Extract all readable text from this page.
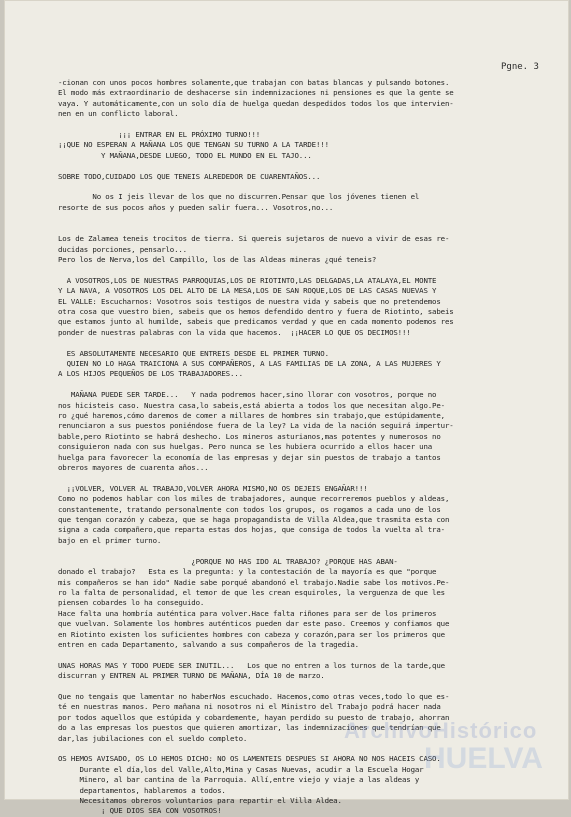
Pgne. 3
-cionan con unos pocos hombres solamente,que trabajan con batas blancas y pulsando botones.
El modo más extraordinario de deshacerse sin indemnizaciones ni pensiones es que la gente se
vaya. Y automáticamente,con un solo día de huelga quedan despedidos todos los que intervien-
nen en un conflicto laboral.

¡¡¡ ENTRAR EN EL PRÓXIMO TURNO!!!
¡¡QUE NO ESPERAN A MAÑANA LOS QUE TENGAN SU TURNO A LA TARDE!!!
Y MAÑANA,DESDE LUEGO, TODO EL MUNDO EN EL TAJO...

SOBRE TODO,CUIDADO LOS QUE TENEIS ALREDEDOR DE CUARENTAÑOS...

No os I jeis llevar de los que no discurren.Pensar que los jóvenes tienen el
resorte de sus pocos años y pueden salir fuera... Vosotros,no...

Los de Zalamea teneis trocitos de tierra. Si quereis sujetaros de nuevo a vivir de esas re-
ducidas porciones, pensarlo...
Pero los de Nerva,los del Campillo, los de las Aldeas mineras ¿qué teneis?

A VOSOTROS,LOS DE NUESTRAS PARROQUIAS,LOS DE RIOTINTO,LAS DELGADAS,LA ATALAYA,EL MONTE
Y LA NAVA, A VOSOTROS LOS DEL ALTO DE LA MESA,LOS DE SAN ROQUE,LOS DE LAS CASAS NUEVAS Y
EL VALLE: Escucharnos: Vosotros sois testigos de nuestra vida y sabeis que no pretendemos
otra cosa que vuestro bien, sabeis que os hemos defendido dentro y fuera de Riotinto, sabeis
que estamos junto al humilde, sabeis que predicamos verdad y que en cada momento podemos res
ponder de nuestras palabras con la vida que hacemos.  ¡¡HACER LO QUE OS DECIMOS!!!

ES ABSOLUTAMENTE NECESARIO QUE ENTREIS DESDE EL PRIMER TURNO.
QUIEN NO LO HAGA TRAICIONA A SUS COMPAÑEROS, A LAS FAMILIAS DE LA ZONA, A LAS MUJERES Y
A LOS HIJOS PEQUEÑOS DE LOS TRABAJADORES...

MAÑANA PUEDE SER TARDE...   Y nada podremos hacer,sino llorar con vosotros, porque no
nos hicisteis caso. Nuestra casa,lo sabeis,está abierta a todos los que necesitan algo.Pe-
ro ¿qué haremos,cómo daremos de comer a millares de hombres sin trabajo,que estúpidamente,
renunciaron a sus puestos poniéndose fuera de la ley? La vida de la nación seguirá impertur-
bable,pero Riotinto se habrá deshecho. Los mineros asturianos,mas potentes y numerosos no
consiguieron nada con sus huelgas. Pero nunca se les hubiera ocurrido a ellos hacer una
huelga para favorecer la economía de las empresas y dejar sin puestos de trabajo a tantos
obreros mayores de cuarenta años...

¡¡VOLVER, VOLVER AL TRABAJO,VOLVER AHORA MISMO,NO OS DEJEIS ENGAÑAR!!!
Como no podemos hablar con los miles de trabajadores, aunque recorreremos pueblos y aldeas,
constantemente, tratando personalmente con todos los grupos, os rogamos a cada uno de los
que tengan corazón y cabeza, que se haga propagandista de Villa Aldea,que trasmita esta con
signa a cada compañero,que reparta estas dos hojas, que consiga de todos la vuelta al tra-
bajo en el primer turno.

¿PORQUE NO HAS IDO AL TRABAJO? ¿PORQUE HAS ABAN-
donado el trabajo?   Esta es la pregunta: y la contestación de la mayoría es que "porque
mis compañeros se han ido" Nadie sabe porqué abandonó el trabajo.Nadie sabe los motivos.Pe-
ro la falta de personalidad, el temor de que les crean esquiroles, la verguenza de que les
piensen cobardes lo ha conseguido.
Hace falta una hombría auténtica para volver.Hace falta riñones para ser de los primeros
que vuelvan. Solamente los hombres auténticos pueden dar este paso. Creemos y confiamos que
en Riotinto existen los suficientes hombres con cabeza y corazón,para ser los primeros que
entren en cada Departamento, salvando a sus compañeros de la tragedia.

UNAS HORAS MAS Y TODO PUEDE SER INUTIL...   Los que no entren a los turnos de la tarde,que
discurran y ENTREN AL PRIMER TURNO DE MAÑANA, DÍA 10 de marzo.

Que no tengais que lamentar no haberNos escuchado. Hacemos,como otras veces,todo lo que es-
té en nuestras manos. Pero mañana ni nosotros ni el Ministro del Trabajo podrá hacer nada
por todos aquellos que estúpida y cobardemente, hayan perdido su puesto de trabajo, ahorran
do a las empresas los puestos que quieren amortizar, las indemnizaciones que tendrían que
dar,las jubilaciones con el sueldo completo.

OS HEMOS AVISADO, OS LO HEMOS DICHO: NO OS LAMENTEIS DESPUES SI AHORA NO NOS HACEIS CASO.
Durante el día,los del Valle,Alto,Mina y Casas Nuevas, acudir a la Escuela Hogar
Minero, al bar cantina de la Parroquia. Allí,entre viejo y viaje a las aldeas y
departamentos, hablaremos a todos.
Necesitamos obreros voluntarios para repartir el Villa Aldea.
¡ QUE DIOS SEA CON VOSOTROS!
ArchivoHistórico
HUELVA
